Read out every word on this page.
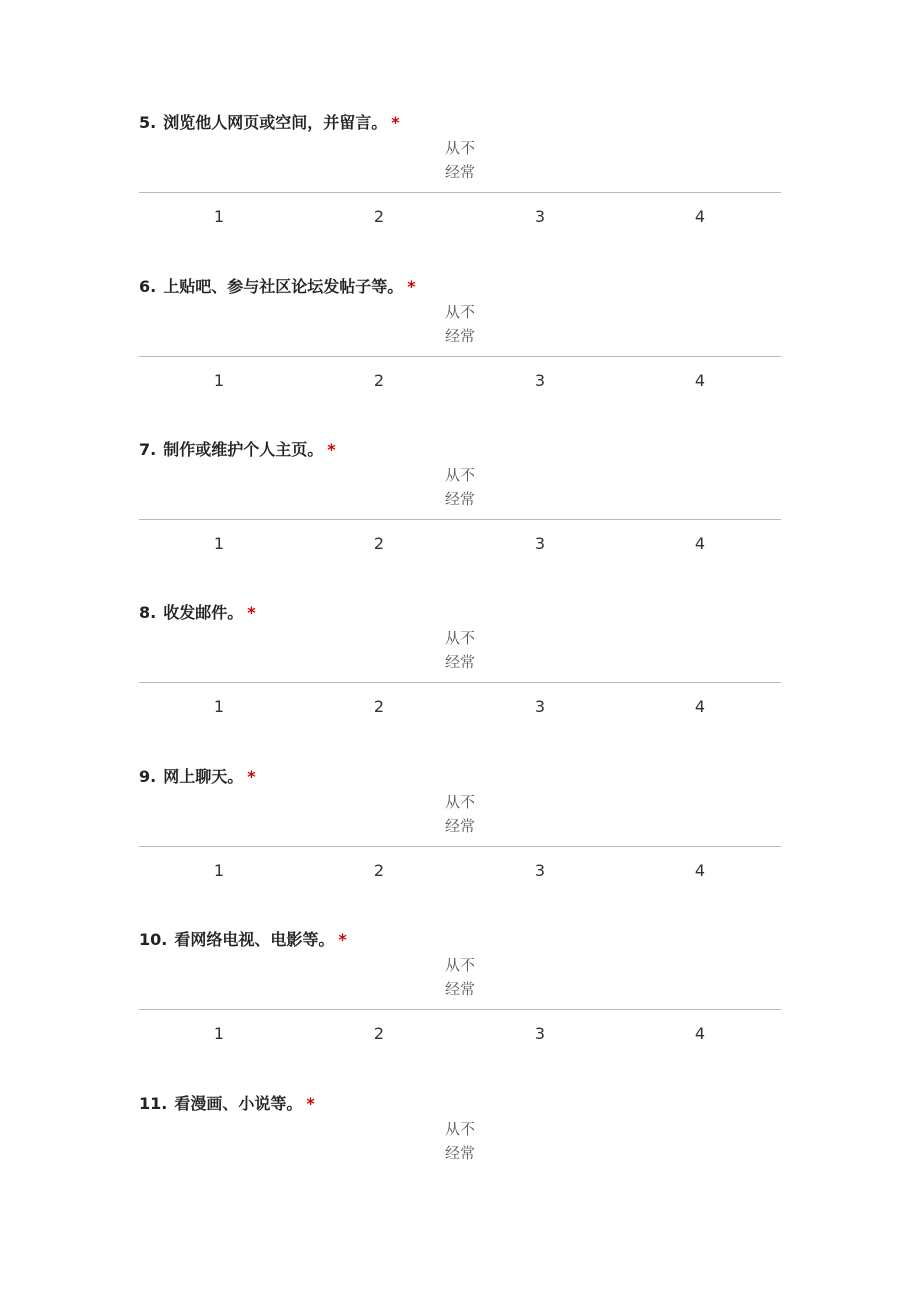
5. 浏览他人网页或空间，并留言。 *
从不
经常
1	2	3	4
6. 上贴吧、参与社区论坛发帖子等。 *
从不
经常
1	2	3	4
7. 制作或维护个人主页。 *
从不
经常
1	2	3	4
8. 收发邮件。 *
从不
经常
1	2	3	4
9. 网上聊天。 *
从不
经常
1	2	3	4
10. 看网络电视、电影等。 *
从不
经常
1	2	3	4
11. 看漫画、小说等。 *
从不
经常
